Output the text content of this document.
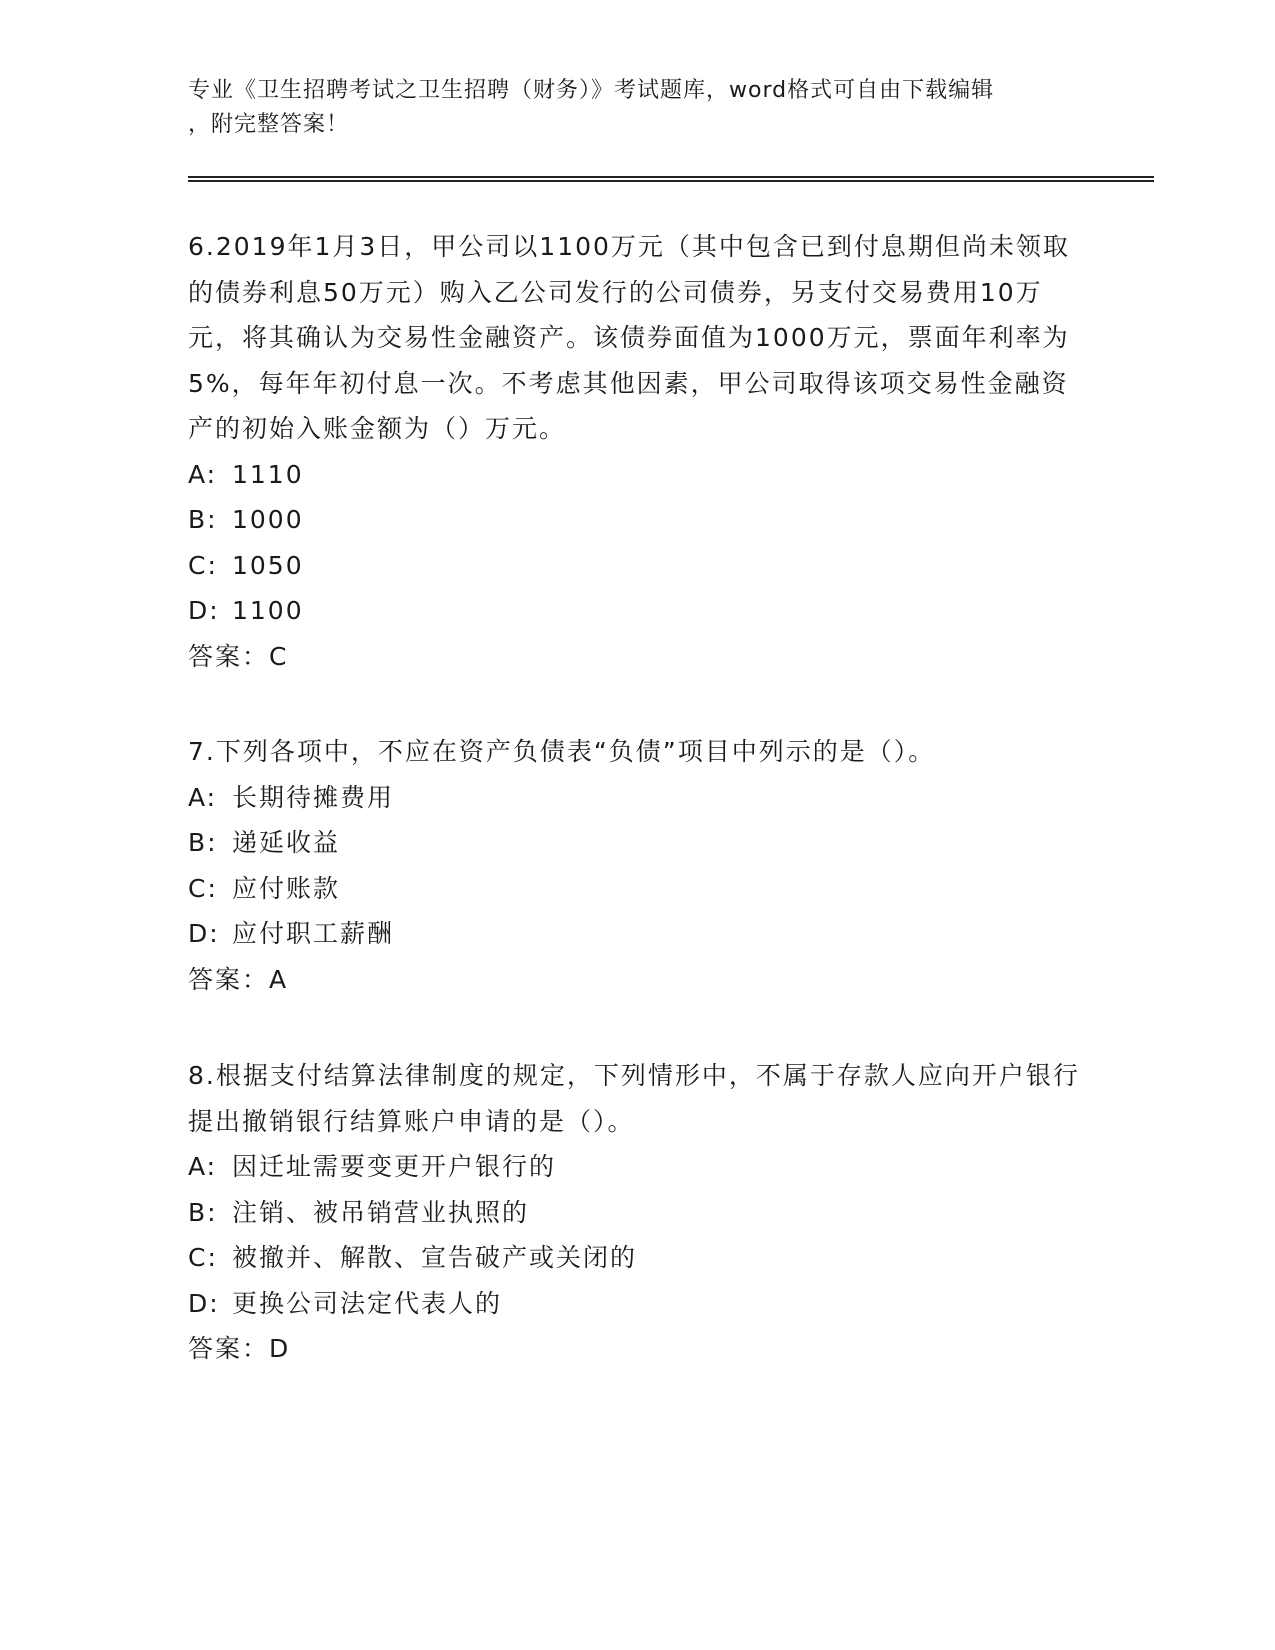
专业《卫生招聘考试之卫生招聘（财务）》考试题库，word格式可自由下载编辑
，附完整答案！
6.2019年1月3日，甲公司以1100万元（其中包含已到付息期但尚未领取的债券利息50万元）购入乙公司发行的公司债券，另支付交易费用10万元，将其确认为交易性金融资产。该债券面值为1000万元，票面年利率为5%，每年年初付息一次。不考虑其他因素，甲公司取得该项交易性金融资产的初始入账金额为（）万元。
A: 1110
B: 1000
C: 1050
D: 1100
答案：C
7.下列各项中，不应在资产负债表“负债”项目中列示的是（）。
A: 长期待摊费用
B: 递延收益
C: 应付账款
D: 应付职工薪酬
答案：A
8.根据支付结算法律制度的规定，下列情形中，不属于存款人应向开户银行提出撤销银行结算账户申请的是（）。
A: 因迁址需要变更开户银行的
B: 注销、被吊销营业执照的
C: 被撤并、解散、宣告破产或关闭的
D: 更换公司法定代表人的
答案：D
